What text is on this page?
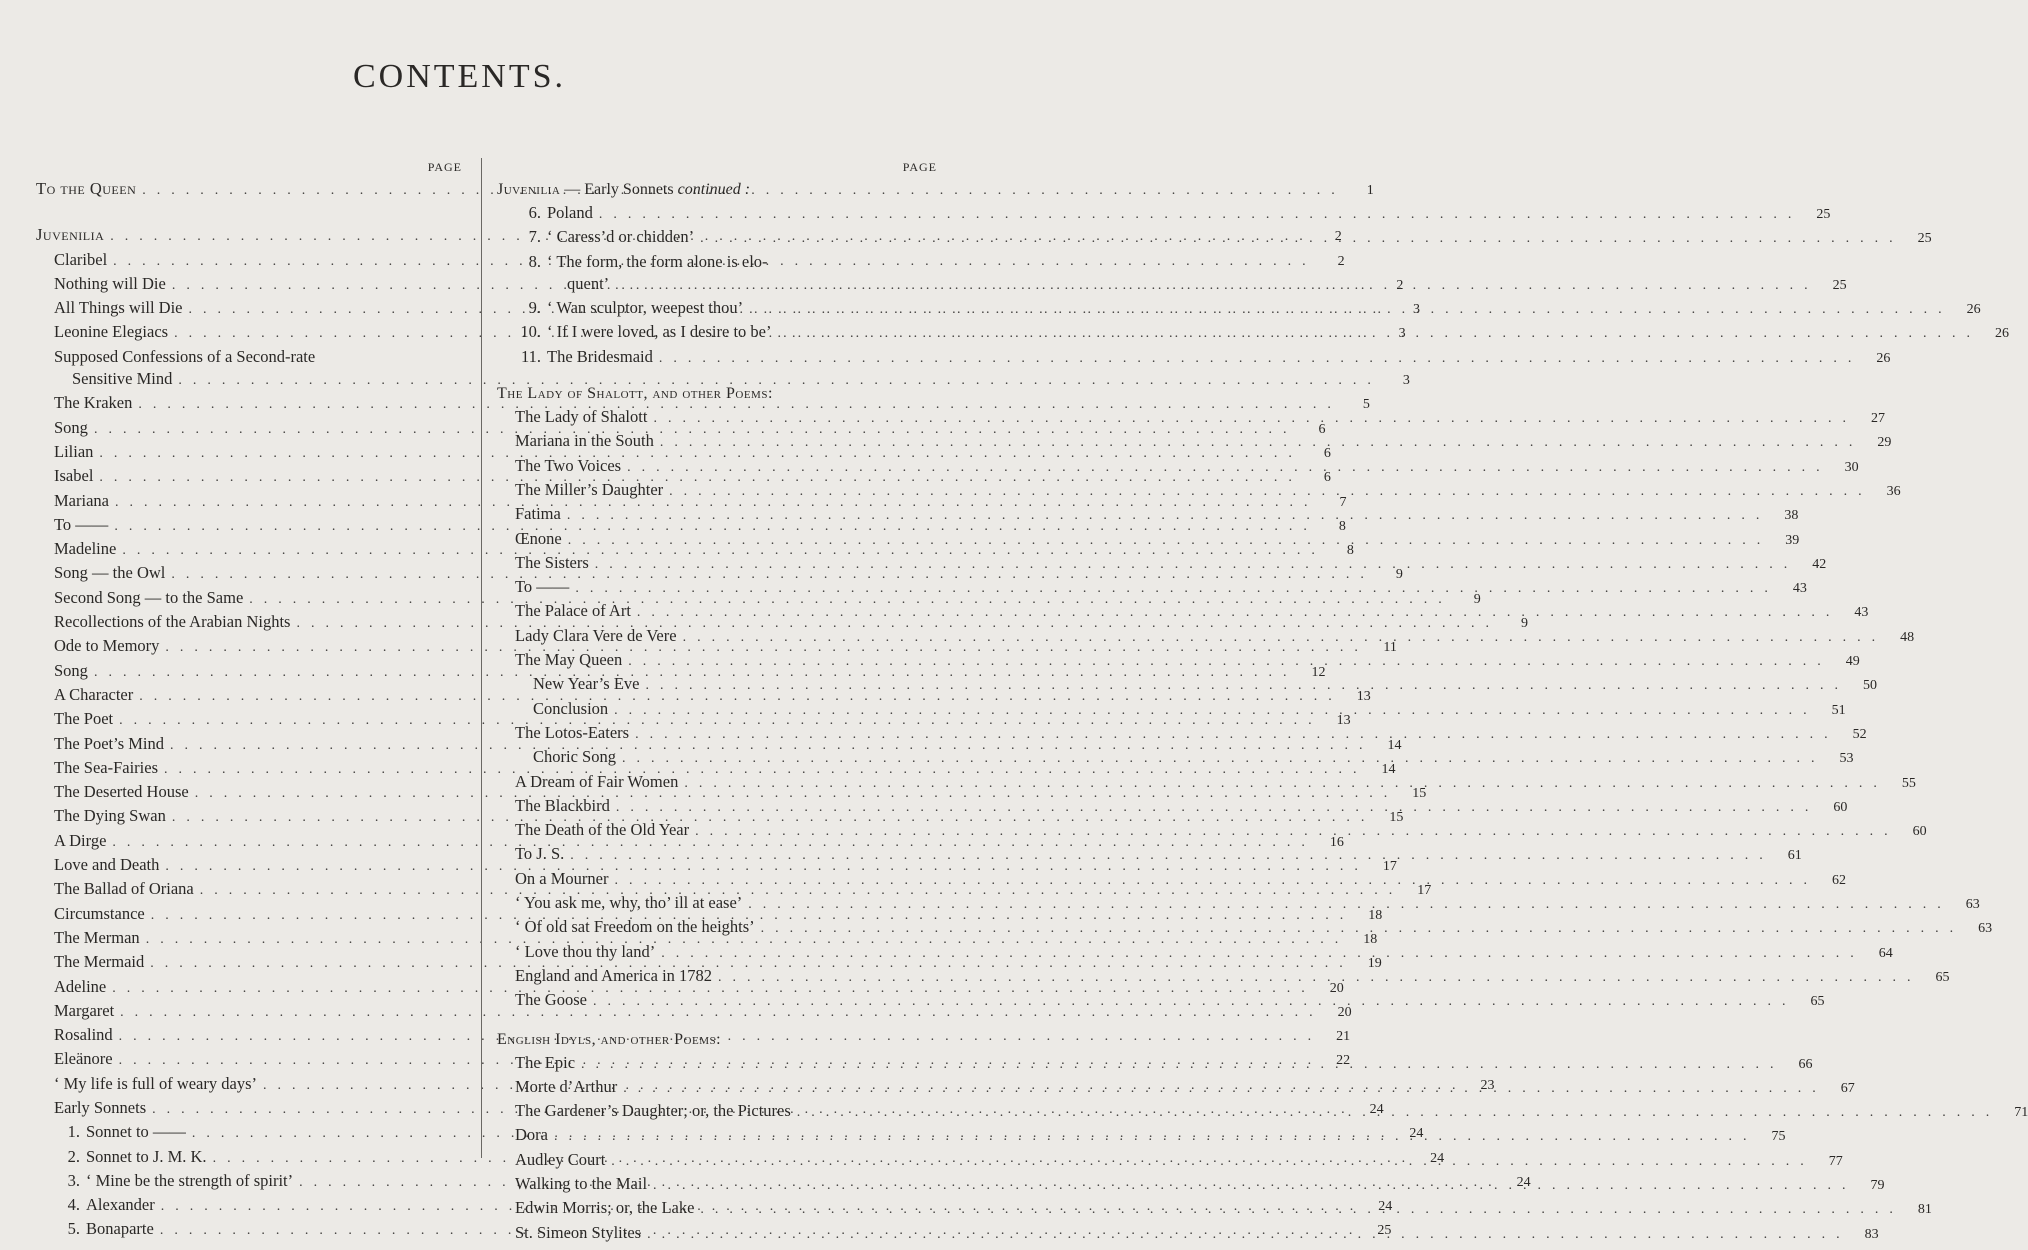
CONTENTS.
PAGE
To the Queen .....	1
Juvenilia .....	2
Claribel .....	2
Nothing will Die .....	2
All Things will Die .....	3
Leonine Elegiacs .....	3
Supposed Confessions of a Second-rate
Sensitive Mind .....	3
The Kraken .....	5
Song .....	6
Lilian .....	6
Isabel .....	6
Mariana .....	7
To —— .....	8
Madeline .....	8
Song — the Owl .....	9
Second Song — to the Same .....	9
Recollections of the Arabian Nights .....	9
Ode to Memory .....	11
Song .....	12
A Character .....	13
The Poet .....	13
The Poet’s Mind .....	14
The Sea-Fairies .....	14
The Deserted House .....	15
The Dying Swan .....	15
A Dirge .....	16
Love and Death .....	17
The Ballad of Oriana .....	17
Circumstance .....	18
The Merman .....	18
The Mermaid .....	19
Adeline .....	20
Margaret .....	20
Rosalind .....	21
Eleänore .....	22
‘ My life is full of weary days’ .....	23
Early Sonnets .....	24
1. Sonnet to —— .....	24
2. Sonnet to J. M. K. .....	24
3. ‘ Mine be the strength of spirit’ .....	24
4. Alexander .....	24
5. Bonaparte .....	25
PAGE
Juvenilia — Early Sonnets continued :
6. Poland .....	25
7. ‘ Caress’d or chidden’ .....	25
8. ‘ The form, the form alone is elo-
quent’ .....	25
9. ‘ Wan sculptor, weepest thou’ .....	26
10. ‘ If I were loved, as I desire to be’ .....	26
11. The Bridesmaid .....	26
The Lady of Shalott, and other Poems:
The Lady of Shalott .....	27
Mariana in the South .....	29
The Two Voices .....	30
The Miller’s Daughter .....	36
Fatima .....	38
Œnone .....	39
The Sisters .....	42
To —— .....	43
The Palace of Art .....	43
Lady Clara Vere de Vere .....	48
The May Queen .....	49
New Year’s Eve .....	50
Conclusion .....	51
The Lotos-Eaters .....	52
Choric Song .....	53
A Dream of Fair Women .....	55
The Blackbird .....	60
The Death of the Old Year .....	60
To J. S. .....	61
On a Mourner .....	62
‘ You ask me, why, tho’ ill at ease’ .....	63
‘ Of old sat Freedom on the heights’ .....	63
‘ Love thou thy land’ .....	64
England and America in 1782 .....	65
The Goose .....	65
English Idyls, and other Poems:
The Epic .....	66
Morte d’Arthur .....	67
The Gardener’s Daughter; or, the Pictures .....	71
Dora .....	75
Audley Court .....	77
Walking to the Mail .....	79
Edwin Morris; or, the Lake .....	81
St. Simeon Stylites .....	83
